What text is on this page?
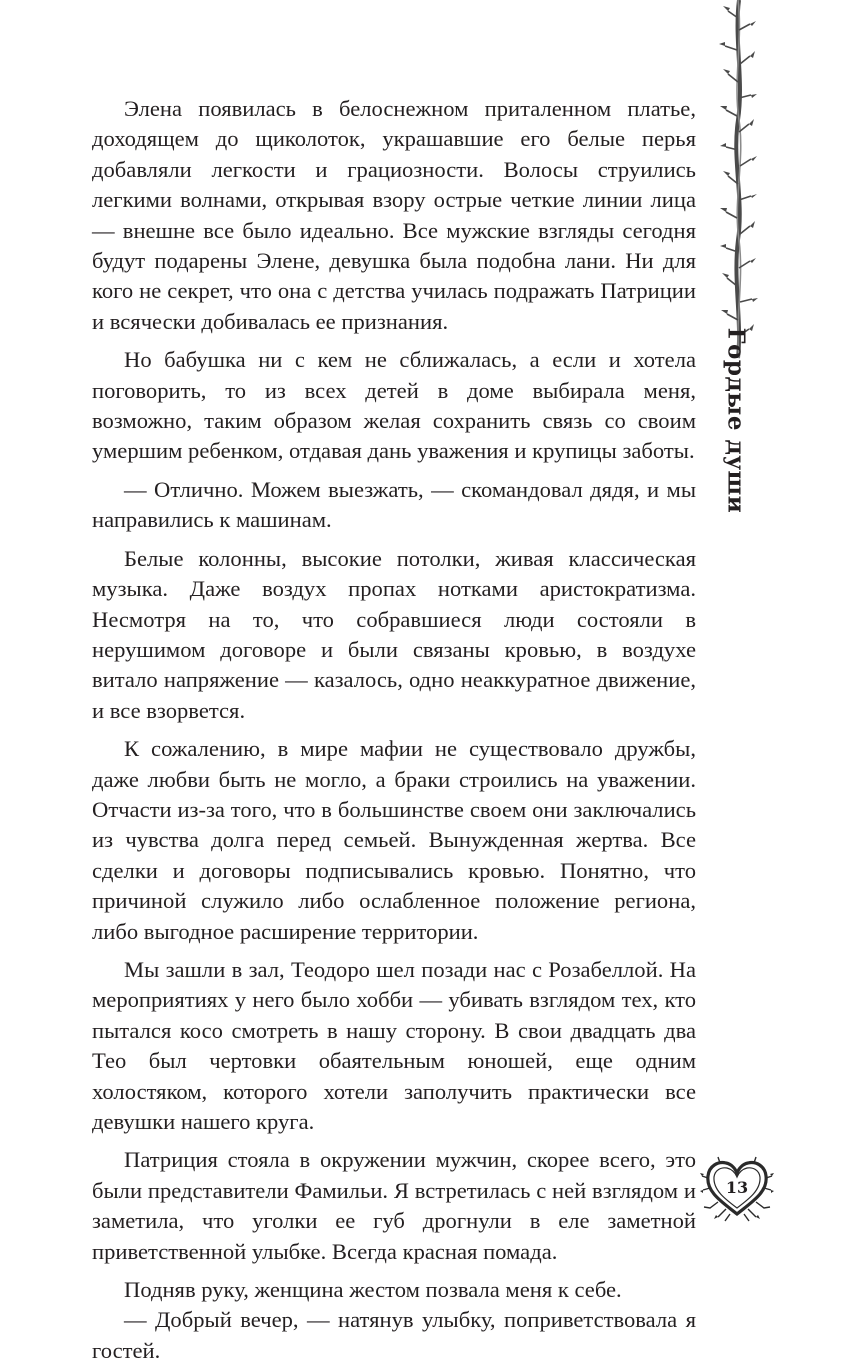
Элена появилась в белоснежном приталенном платье, доходящем до щиколоток, украшавшие его белые перья добавляли легкости и грациозности. Волосы струились легкими волнами, открывая взору острые четкие линии лица — внешне все было идеально. Все мужские взгляды сегодня будут подарены Элене, девушка была подобна лани. Ни для кого не секрет, что она с детства училась подражать Патриции и всячески добивалась ее признания.

Но бабушка ни с кем не сближалась, а если и хотела поговорить, то из всех детей в доме выбирала меня, возможно, таким образом желая сохранить связь со своим умершим ребенком, отдавая дань уважения и крупицы заботы.

— Отлично. Можем выезжать, — скомандовал дядя, и мы направились к машинам.

Белые колонны, высокие потолки, живая классическая музыка. Даже воздух пропах нотками аристократизма. Несмотря на то, что собравшиеся люди состояли в нерушимом договоре и были связаны кровью, в воздухе витало напряжение — казалось, одно неаккуратное движение, и все взорвется.

К сожалению, в мире мафии не существовало дружбы, даже любви быть не могло, а браки строились на уважении. Отчасти из-за того, что в большинстве своем они заключались из чувства долга перед семьей. Вынужденная жертва. Все сделки и договоры подписывались кровью. Понятно, что причиной служило либо ослабленное положение региона, либо выгодное расширение территории.

Мы зашли в зал, Теодоро шел позади нас с Розабеллой. На мероприятиях у него было хобби — убивать взглядом тех, кто пытался косо смотреть в нашу сторону. В свои двадцать два Тео был чертовки обаятельным юношей, еще одним холостяком, которого хотели заполучить практически все девушки нашего круга.

Патриция стояла в окружении мужчин, скорее всего, это были представители Фамильи. Я встретилась с ней взглядом и заметила, что уголки ее губ дрогнули в еле заметной приветственной улыбке. Всегда красная помада.

Подняв руку, женщина жестом позвала меня к себе.

— Добрый вечер, — натянув улыбку, поприветствовала я гостей.

Гордые души
13
